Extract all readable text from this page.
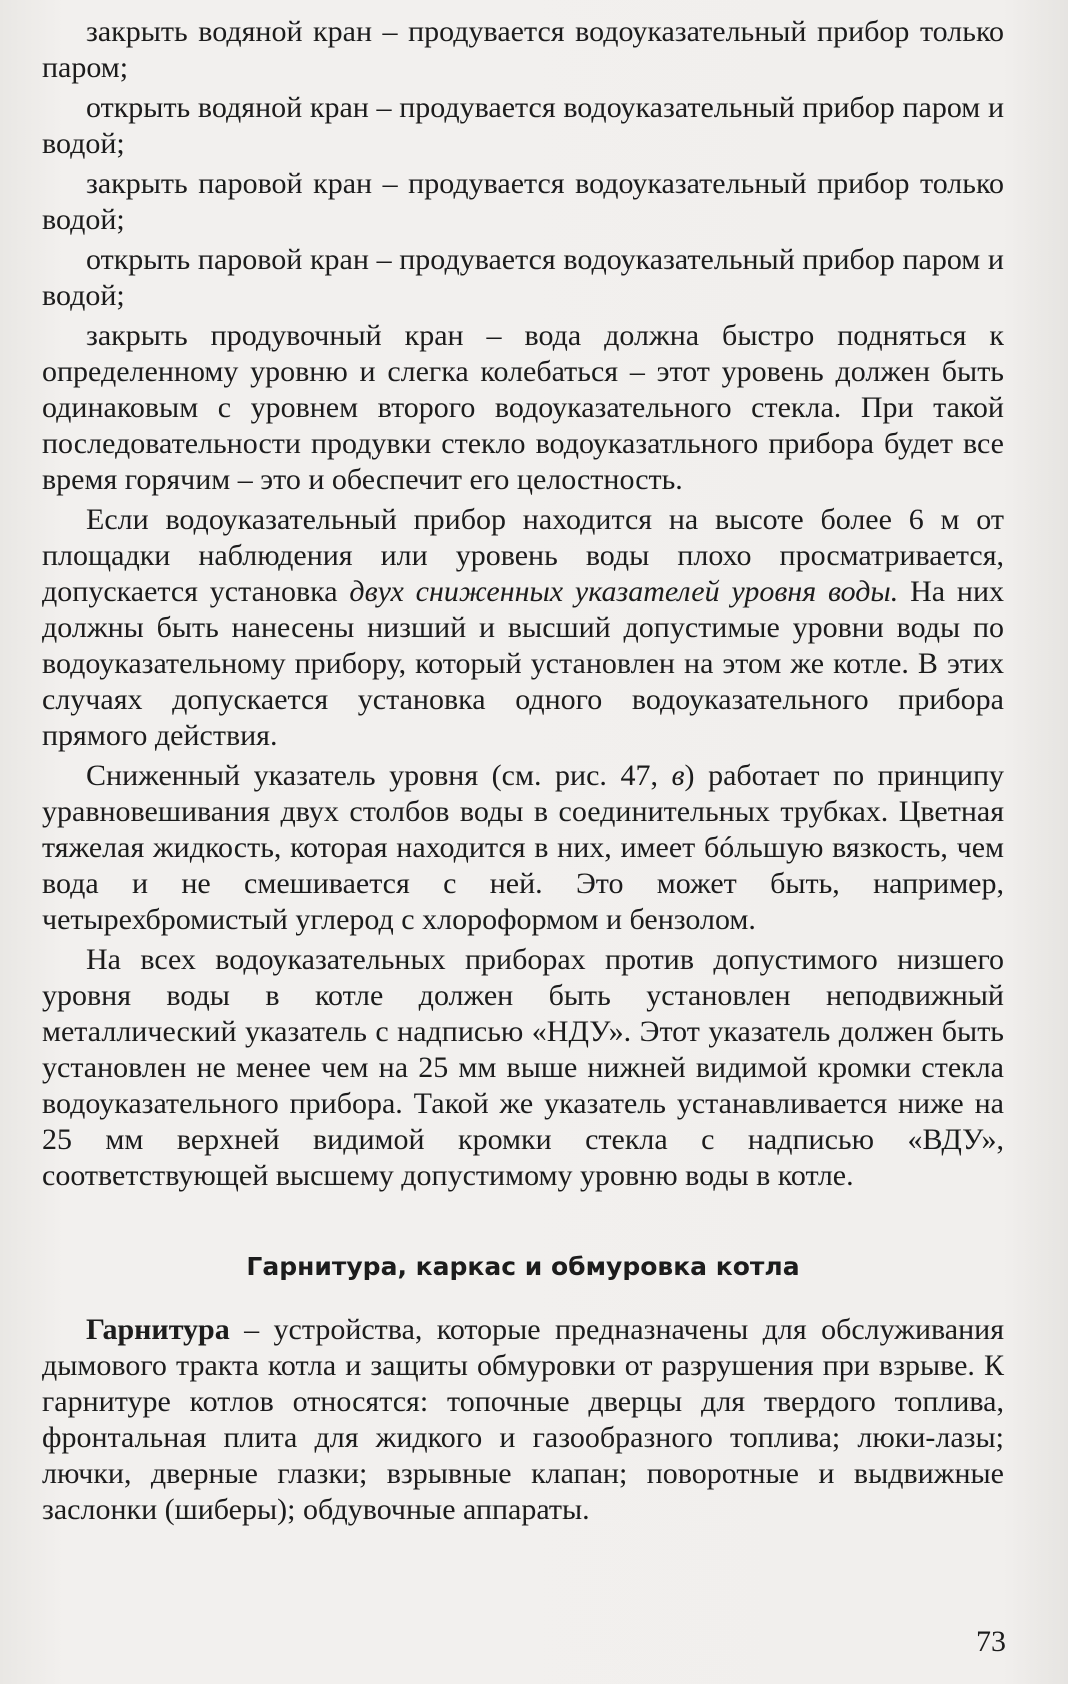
закрыть водяной кран – продувается водоуказательный прибор только паром;

открыть водяной кран – продувается водоуказательный прибор паром и водой;

закрыть паровой кран – продувается водоуказательный прибор только водой;

открыть паровой кран – продувается водоуказательный прибор паром и водой;

закрыть продувочный кран – вода должна быстро подняться к определенному уровню и слегка колебаться – этот уровень должен быть одинаковым с уровнем второго водоуказательного стекла. При такой последовательности продувки стекло водоуказатльного прибора будет все время горячим – это и обеспечит его целостность.

Если водоуказательный прибор находится на высоте более 6 м от площадки наблюдения или уровень воды плохо просматривается, допускается установка двух сниженных указателей уровня воды. На них должны быть нанесены низший и высший допустимые уровни воды по водоуказательному прибору, который установлен на этом же котле. В этих случаях допускается установка одного водоуказательного прибора прямого действия.

Сниженный указатель уровня (см. рис. 47, в) работает по принципу уравновешивания двух столбов воды в соединительных трубках. Цветная тяжелая жидкость, которая находится в них, имеет бóльшую вязкость, чем вода и не смешивается с ней. Это может быть, например, четырехбромистый углерод с хлороформом и бензолом.

На всех водоуказательных приборах против допустимого низшего уровня воды в котле должен быть установлен неподвижный металлический указатель с надписью «НДУ». Этот указатель должен быть установлен не менее чем на 25 мм выше нижней видимой кромки стекла водоуказательного прибора. Такой же указатель устанавливается ниже на 25 мм верхней видимой кромки стекла с надписью «ВДУ», соответствующей высшему допустимому уровню воды в котле.

Гарнитура, каркас и обмуровка котла

Гарнитура – устройства, которые предназначены для обслуживания дымового тракта котла и защиты обмуровки от разрушения при взрыве. К гарнитуре котлов относятся: топочные дверцы для твердого топлива, фронтальная плита для жидкого и газообразного топлива; люки-лазы; лючки, дверные глазки; взрывные клапан; поворотные и выдвижные заслонки (шиберы); обдувочные аппараты.

73
